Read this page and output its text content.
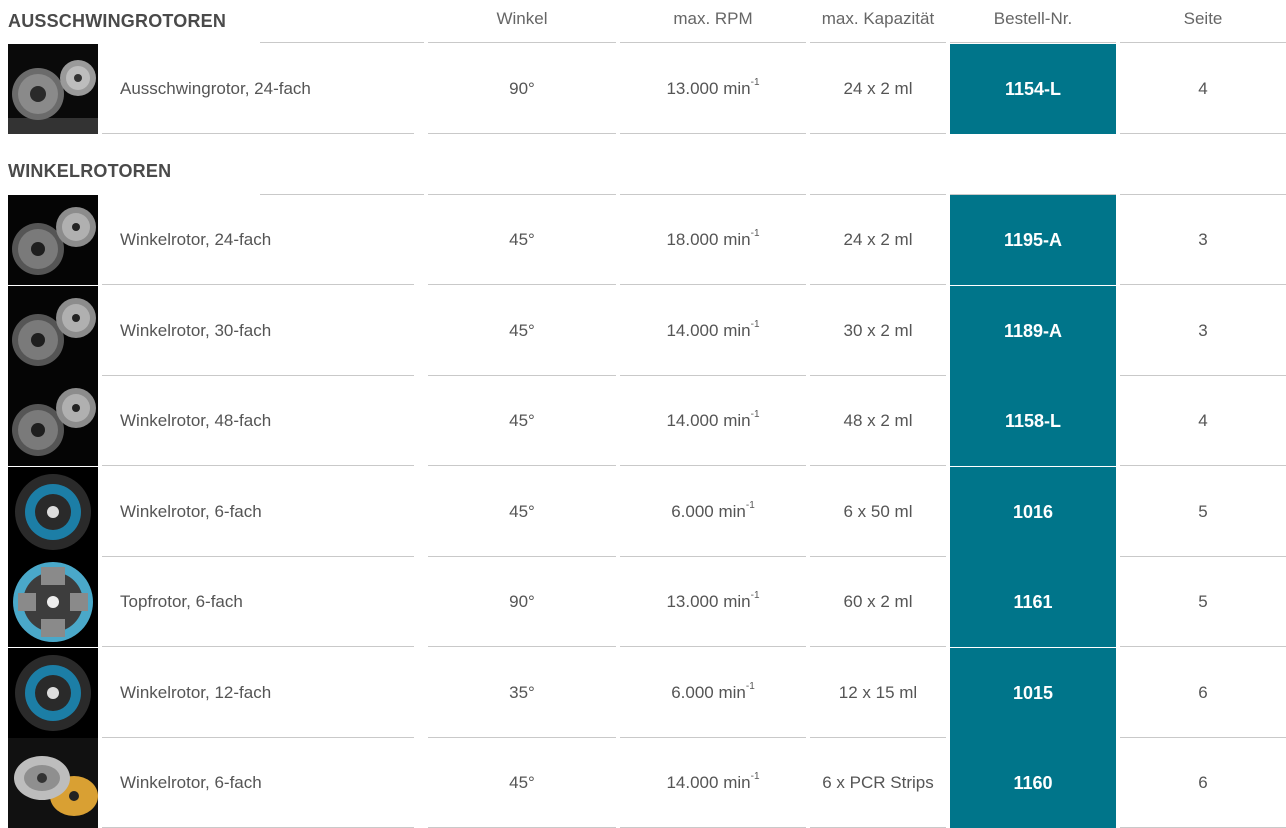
AUSSCHWINGROTOREN	Winkel	max. RPM	max. Kapazität	Bestell-Nr.	Seite
WINKELROTOREN
Ausschwingrotor, 24-fach	90°	13.000 $\min^{-1}$	24 x 2 ml	1154-L	4
Winkelrotor, 24-fach	45°	18.000 $\min^{-1}$	24 x 2 ml	1195-A	3
Winkelrotor, 30-fach	45°	14.000 $\min^{-1}$	30 x 2 ml	1189-A	3
Winkelrotor, 48-fach	45°	14.000 $\min^{-1}$	48 x 2 ml	1158-L	4
Winkelrotor, 6-fach	45°	6.000 $\min^{-1}$	6 x 50 ml	1016	5
Topfrotor, 6-fach	90°	13.000 $\min^{-1}$	60 x 2 ml	1161	5
Winkelrotor, 12-fach	35°	6.000 $\min^{-1}$	12 x 15 ml	1015	6
Winkelrotor, 6-fach	45°	14.000 $\min^{-1}$	6 x PCR Strips	1160	6
